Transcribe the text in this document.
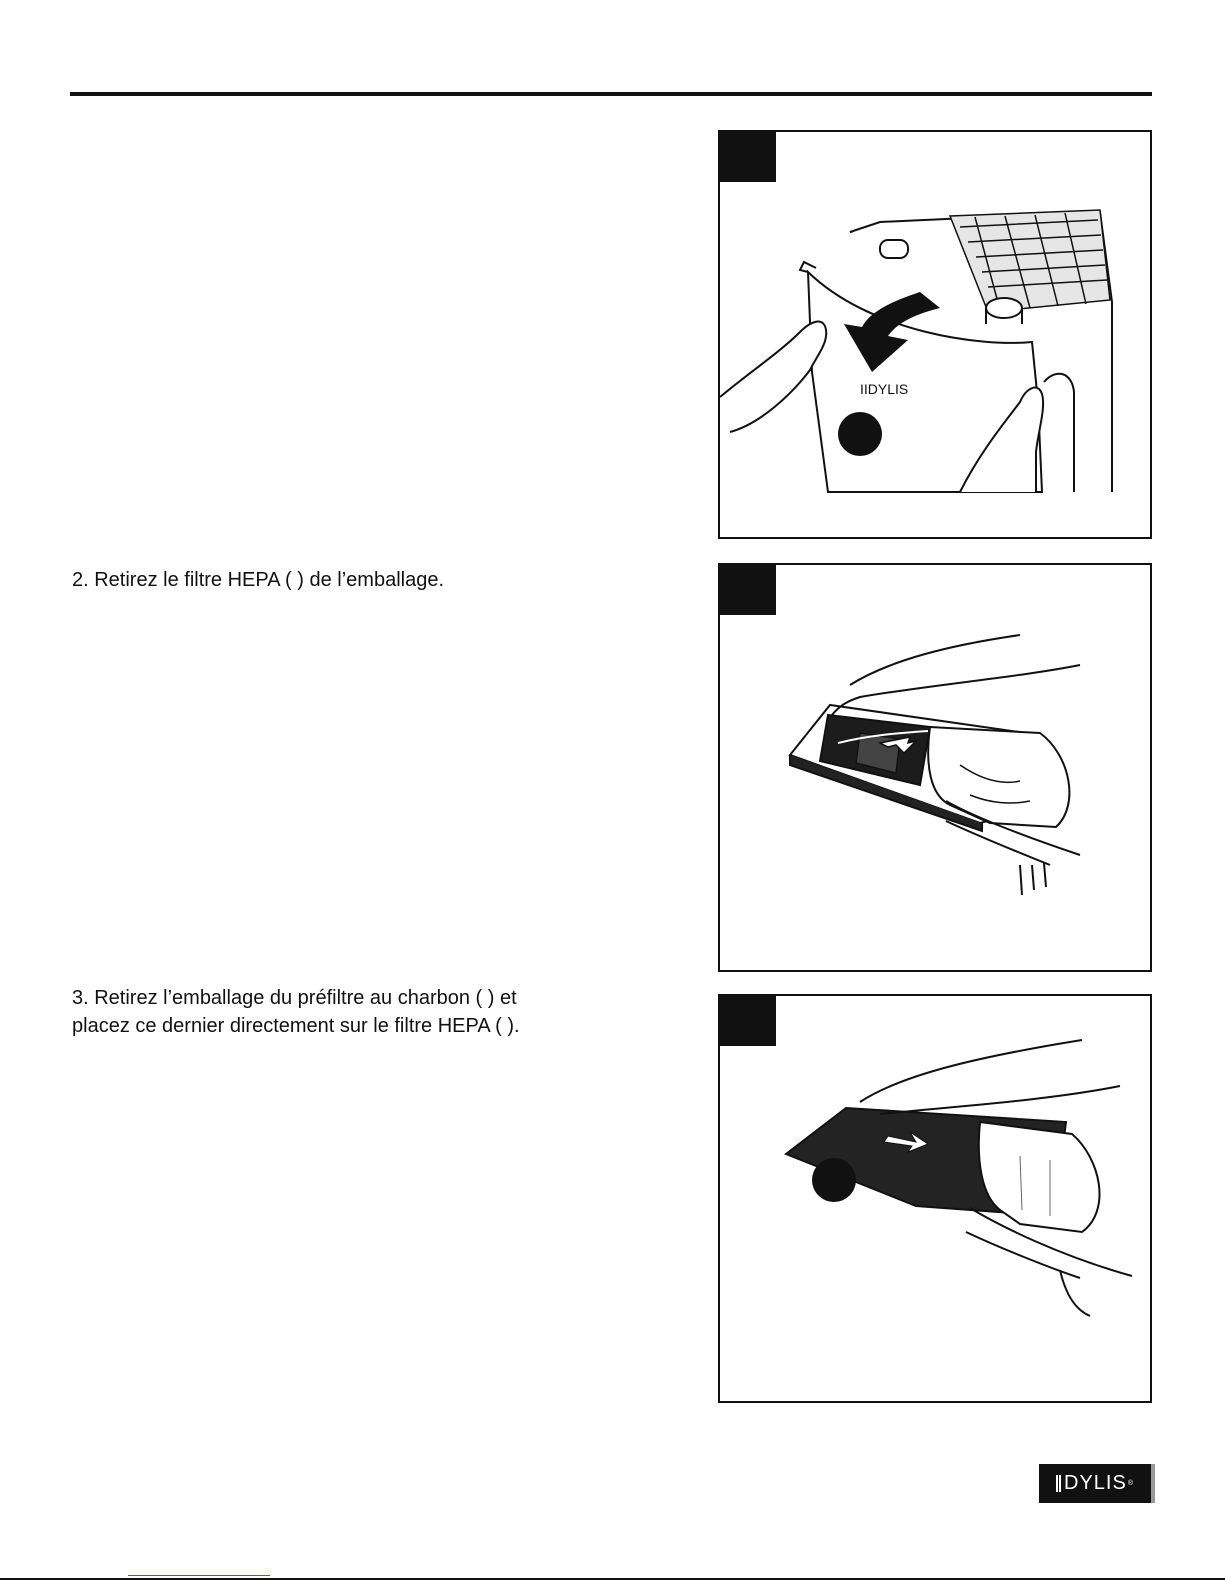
2. Retirez le filtre HEPA ( ) de l’emballage.

3. Retirez l’emballage du préfiltre au charbon ( ) et
placez ce dernier directement sur le filtre HEPA ( ).
IIDYLIS
DYLIS ®
